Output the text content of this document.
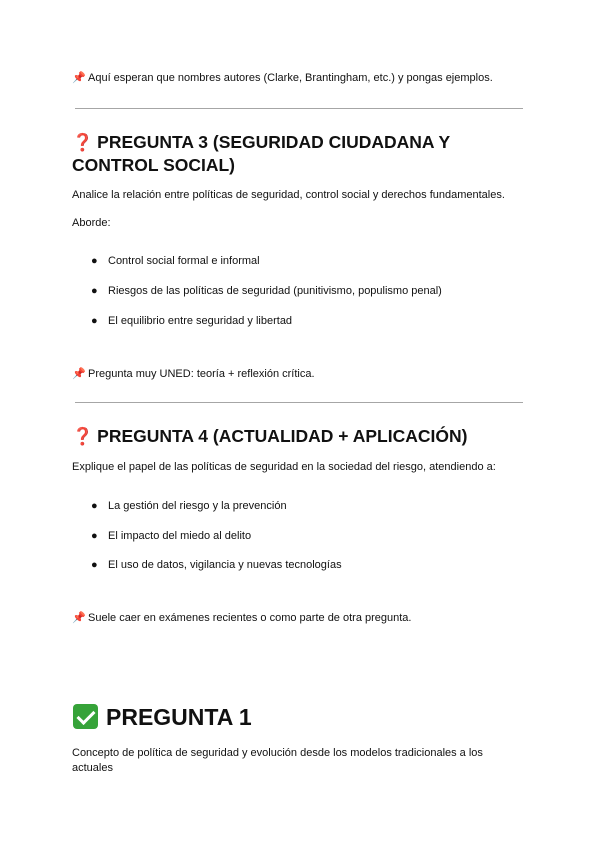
📌 Aquí esperan que nombres autores (Clarke, Brantingham, etc.) y pongas ejemplos.
❓ PREGUNTA 3 (SEGURIDAD CIUDADANA Y
CONTROL SOCIAL)
Analice la relación entre políticas de seguridad, control social y derechos fundamentales.
Aborde:
● Control social formal e informal
● Riesgos de las políticas de seguridad (punitivismo, populismo penal)
● El equilibrio entre seguridad y libertad
📌 Pregunta muy UNED: teoría + reflexión crítica.
❓ PREGUNTA 4 (ACTUALIDAD + APLICACIÓN)
Explique el papel de las políticas de seguridad en la sociedad del riesgo, atendiendo a:
● La gestión del riesgo y la prevención
● El impacto del miedo al delito
● El uso de datos, vigilancia y nuevas tecnologías
📌 Suele caer en exámenes recientes o como parte de otra pregunta.
PREGUNTA 1
Concepto de política de seguridad y evolución desde los modelos tradicionales a los actuales
